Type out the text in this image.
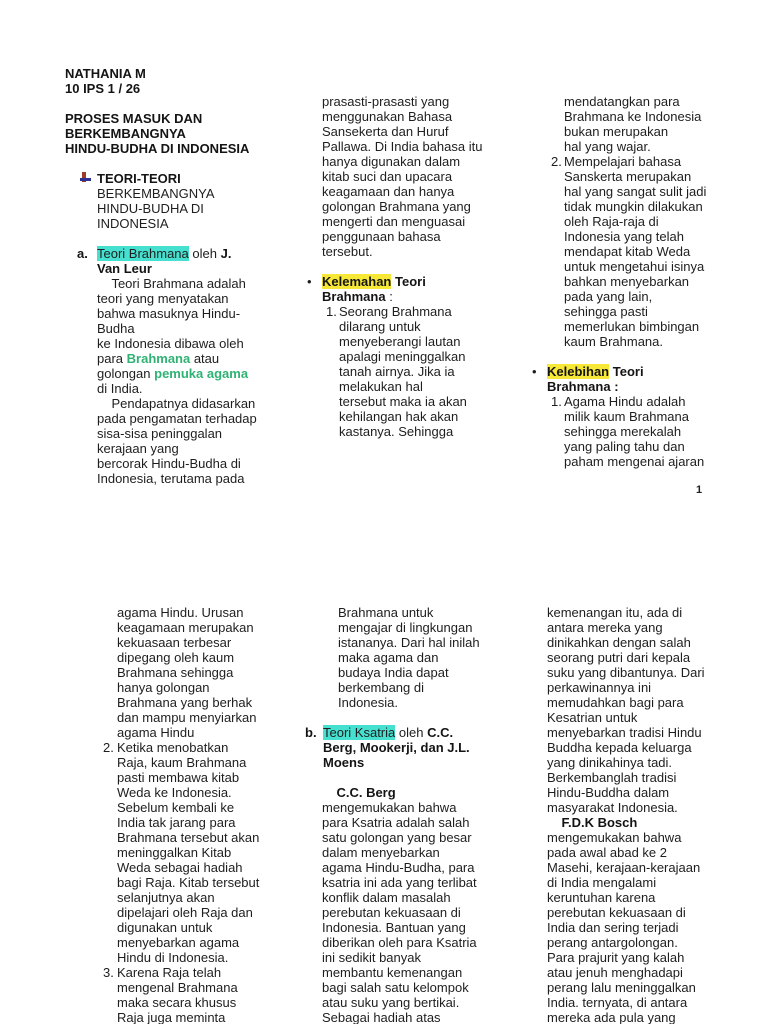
NATHANIA M
10 IPS 1 / 26
PROSES MASUK DAN
BERKEMBANGNYA
HINDU-BUDHA DI INDONESIA
TEORI-TEORI
BERKEMBANGNYA
HINDU-BUDHA DI
INDONESIA
a. Teori Brahmana oleh J.
Van Leur
Teori Brahmana adalah
teori yang menyatakan
bahwa masuknya Hindu-
Budha
ke Indonesia dibawa oleh
para Brahmana atau
golongan pemuka agama
di India.
Pendapatnya didasarkan
pada pengamatan terhadap
sisa-sisa peninggalan
kerajaan yang
bercorak Hindu-Budha di
Indonesia, terutama pada
prasasti-prasasti yang
menggunakan Bahasa
Sansekerta dan Huruf
Pallawa. Di India bahasa itu
hanya digunakan dalam
kitab suci dan upacara
keagamaan dan hanya
golongan Brahmana yang
mengerti dan menguasai
penggunaan bahasa
tersebut.
• Kelemahan Teori
Brahmana :
1. Seorang Brahmana
dilarang untuk
menyeberangi lautan
apalagi meninggalkan
tanah airnya. Jika ia
melakukan hal
tersebut maka ia akan
kehilangan hak akan
kastanya. Sehingga
mendatangkan para
Brahmana ke Indonesia
bukan merupakan
hal yang wajar.
2. Mempelajari bahasa
Sanskerta merupakan
hal yang sangat sulit jadi
tidak mungkin dilakukan
oleh Raja-raja di
Indonesia yang telah
mendapat kitab Weda
untuk mengetahui isinya
bahkan menyebarkan
pada yang lain,
sehingga pasti
memerlukan bimbingan
kaum Brahmana.
• Kelebihan Teori
Brahmana :
1. Agama Hindu adalah
milik kaum Brahmana
sehingga merekalah
yang paling tahu dan
paham mengenai ajaran
1
agama Hindu. Urusan
keagamaan merupakan
kekuasaan terbesar
dipegang oleh kaum
Brahmana sehingga
hanya golongan
Brahmana yang berhak
dan mampu menyiarkan
agama Hindu
2. Ketika menobatkan
Raja, kaum Brahmana
pasti membawa kitab
Weda ke Indonesia.
Sebelum kembali ke
India tak jarang para
Brahmana tersebut akan
meninggalkan Kitab
Weda sebagai hadiah
bagi Raja. Kitab tersebut
selanjutnya akan
dipelajari oleh Raja dan
digunakan untuk
menyebarkan agama
Hindu di Indonesia.
3. Karena Raja telah
mengenal Brahmana
maka secara khusus
Raja juga meminta
Brahmana untuk
mengajar di lingkungan
istananya. Dari hal inilah
maka agama dan
budaya India dapat
berkembang di
Indonesia.
b. Teori Ksatria oleh C.C.
Berg, Mookerji, dan J.L.
Moens
C.C. Berg
mengemukakan bahwa
para Ksatria adalah salah
satu golongan yang besar
dalam menyebarkan
agama Hindu-Budha, para
ksatria ini ada yang terlibat
konflik dalam masalah
perebutan kekuasaan di
Indonesia. Bantuan yang
diberikan oleh para Ksatria
ini sedikit banyak
membantu kemenangan
bagi salah satu kelompok
atau suku yang bertikai.
Sebagai hadiah atas
kemenangan itu, ada di
antara mereka yang
dinikahkan dengan salah
seorang putri dari kepala
suku yang dibantunya. Dari
perkawinannya ini
memudahkan bagi para
Kesatrian untuk
menyebarkan tradisi Hindu
Buddha kepada keluarga
yang dinikahinya tadi.
Berkembanglah tradisi
Hindu-Buddha dalam
masyarakat Indonesia.
F.D.K Bosch
mengemukakan bahwa
pada awal abad ke 2
Masehi, kerajaan-kerajaan
di India mengalami
keruntuhan karena
perebutan kekuasaan di
India dan sering terjadi
perang antargolongan.
Para prajurit yang kalah
atau jenuh menghadapi
perang lalu meninggalkan
India. ternyata, di antara
mereka ada pula yang
